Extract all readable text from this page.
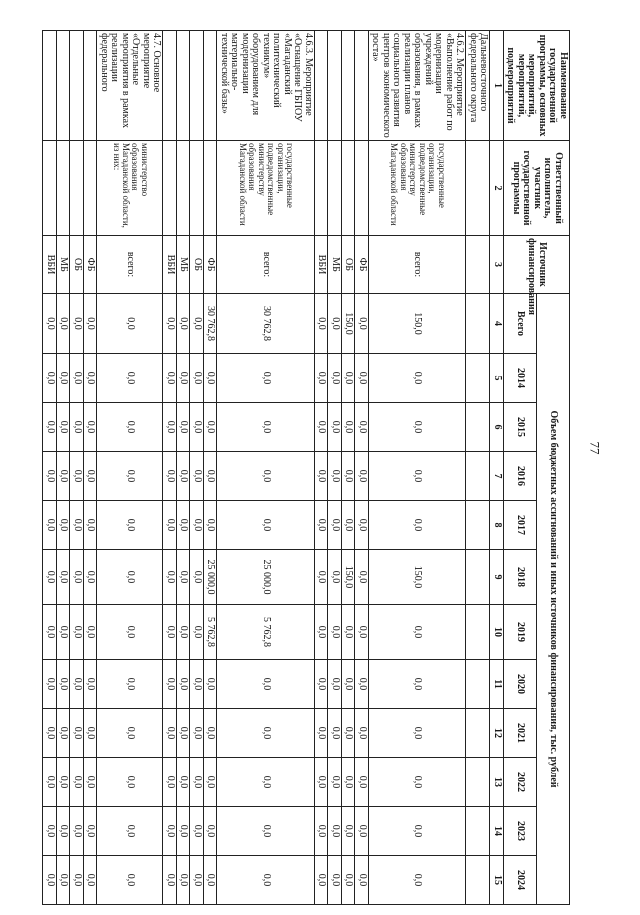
77
Наименование государственной программы, основных мероприятий, мероприятий, подмероприятий	Ответственный исполнитель, участник государственной программы	Источник финансирования	Объем бюджетных ассигнований и иных источников финансирования, тыс. рублей											
			Всего	2014	2015	2016	2017	2018	2019	2020	2021	2022	2023	2024
1	2	3	4	5	6	7	8	9	10	11	12	13	14	15
Дальневосточного федерального округа														
4.6.2. Мероприятие «Выполнение работ по модернизации учреждений образования, в рамках реализации планов социального развития центров экономического роста»	государственные организации, подведомственные министерству образования Магаданской области	всего:	150,0	0,0	0,0	0,0	0,0	150,0	0,0	0,0	0,0	0,0	0,0	0,0
		ФБ	0,0	0,0	0,0	0,0	0,0	0,0	0,0	0,0	0,0	0,0	0,0	0,0
		ОБ	150,0	0,0	0,0	0,0	0,0	150,0	0,0	0,0	0,0	0,0	0,0	0,0
		МБ	0,0	0,0	0,0	0,0	0,0	0,0	0,0	0,0	0,0	0,0	0,0	0,0
		ВБИ	0,0	0,0	0,0	0,0	0,0	0,0	0,0	0,0	0,0	0,0	0,0	0,0
4.6.3. Мероприятие «Оснащение ГБПОУ «Магаданский политехнический техникум» оборудованием для модернизации материально-технической базы»	государственные организации, подведомственные министерству образования Магаданской области	всего:	30 762,8	0,0	0,0	0,0	0,0	25 000,0	5 762,8	0,0	0,0	0,0	0,0	0,0
		ФБ	30 762,8	0,0	0,0	0,0	0,0	25 000,0	5 762,8	0,0	0,0	0,0	0,0	0,0
		ОБ	0,0	0,0	0,0	0,0	0,0	0,0	0,0	0,0	0,0	0,0	0,0	0,0
		МБ	0,0	0,0	0,0	0,0	0,0	0,0	0,0	0,0	0,0	0,0	0,0	0,0
		ВБИ	0,0	0,0	0,0	0,0	0,0	0,0	0,0	0,0	0,0	0,0	0,0	0,0
4.7. Основное мероприятие «Отдельные мероприятия в рамках реализации федерального	министерство образования Магаданской области, из них:	всего:	0,0	0,0	0,0	0,0	0,0	0,0	0,0	0,0	0,0	0,0	0,0	0,0
		ФБ	0,0	0,0	0,0	0,0	0,0	0,0	0,0	0,0	0,0	0,0	0,0	0,0
		ОБ	0,0	0,0	0,0	0,0	0,0	0,0	0,0	0,0	0,0	0,0	0,0	0,0
		МБ	0,0	0,0	0,0	0,0	0,0	0,0	0,0	0,0	0,0	0,0	0,0	0,0
		ВБИ	0,0	0,0	0,0	0,0	0,0	0,0	0,0	0,0	0,0	0,0	0,0	0,0
